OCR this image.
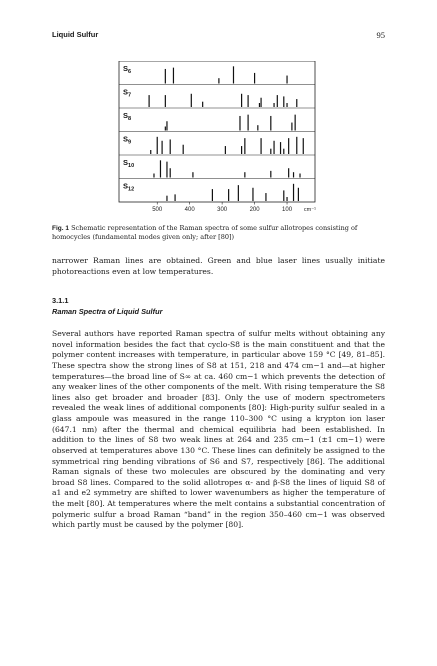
Liquid Sulfur	95
$S_6$
$S_7$
$S_8$
$S_9$
$S_{10}$
$S_{12}$
500	400	300	200	100 cm⁻¹
Fig. 1 Schematic representation of the Raman spectra of some sulfur allotropes consisting of homocycles (fundamental modes given only; after [80])
narrower Raman lines are obtained. Green and blue laser lines usually initiate photoreactions even at low temperatures.
3.1.1
Raman Spectra of Liquid Sulfur

Several authors have reported Raman spectra of sulfur melts without obtaining any novel information besides the fact that cyclo-S8 is the main constituent and that the polymer content increases with temperature, in particular above 159 °C [49, 81–85]. These spectra show the strong lines of S8 at 151, 218 and 474 cm−1 and—at higher temperatures—the broad line of S∞ at ca. 460 cm−1 which prevents the detection of any weaker lines of the other components of the melt. With rising temperature the S8 lines also get broader and broader [83]. Only the use of modern spectrometers revealed the weak lines of additional components [80]: High-purity sulfur sealed in a glass ampoule was measured in the range 110–300 °C using a krypton ion laser (647.1 nm) after the thermal and chemical equilibria had been established. In addition to the lines of S8 two weak lines at 264 and 235 cm−1 (±1 cm−1) were observed at temperatures above 130 °C. These lines can definitely be assigned to the symmetrical ring bending vibrations of S6 and S7, respectively [86]. The additional Raman signals of these two molecules are obscured by the dominating and very broad S8 lines. Compared to the solid allotropes α- and β-S8 the lines of liquid S8 of a1 and e2 symmetry are shifted to lower wavenumbers as higher the temperature of the melt [80]. At temperatures where the melt contains a substantial concentration of polymeric sulfur a broad Raman “band” in the region 350–460 cm−1 was observed which partly must be caused by the polymer [80].
